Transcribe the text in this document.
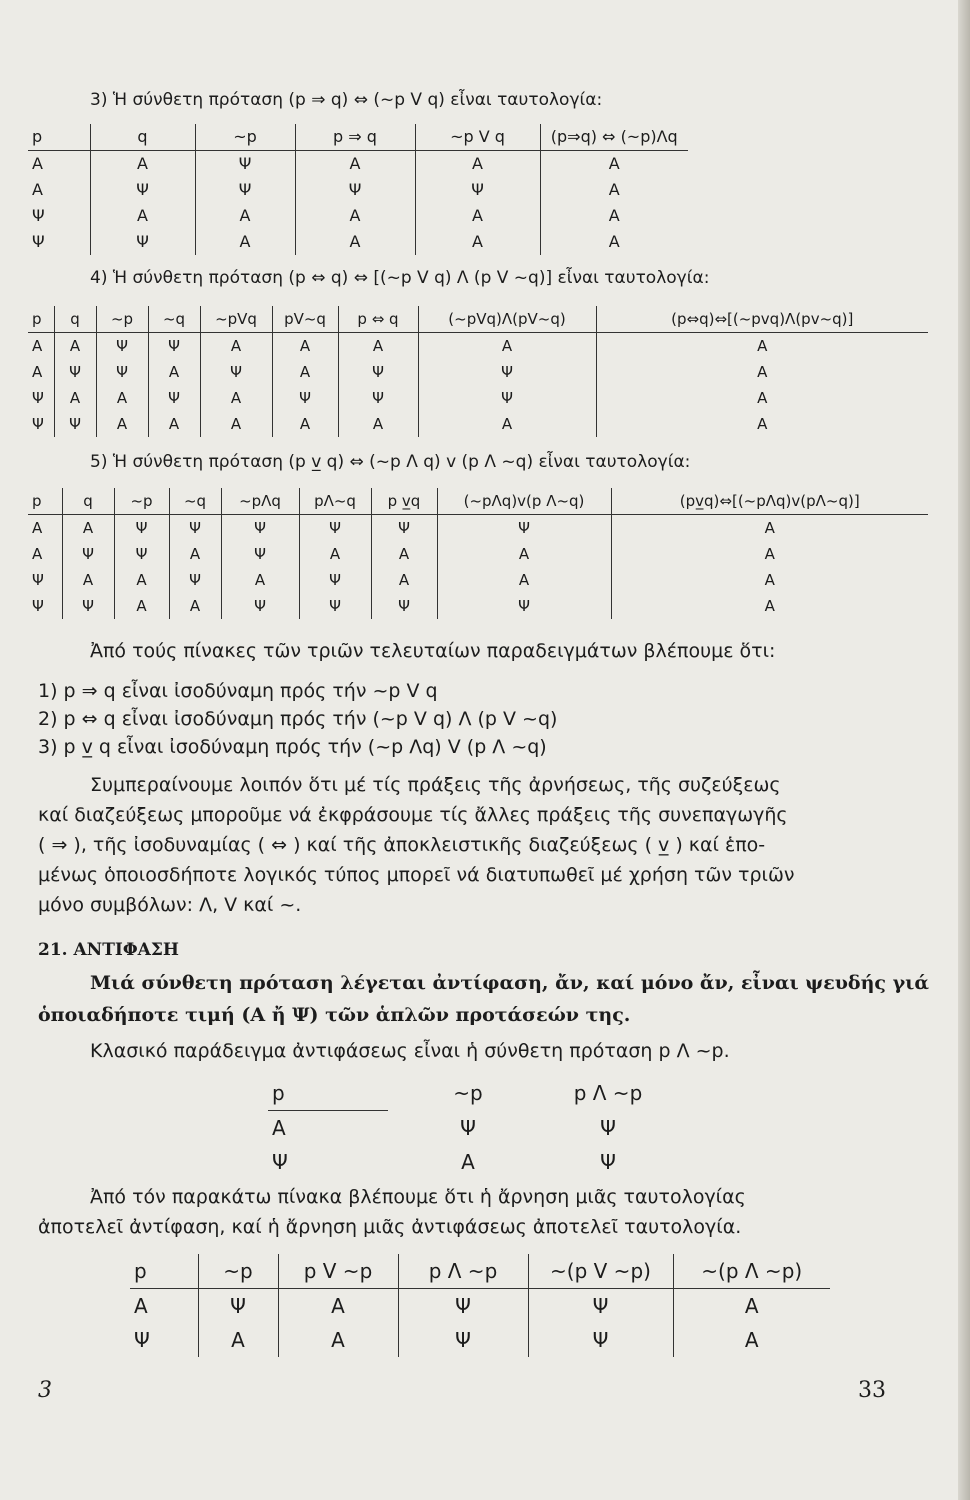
3) Ἡ σύνθετη πρόταση (p ⇒ q) ⇔ (~p V q) εἶναι ταυτολογία:
p	q	~p	p ⇒ q	~p V q	(p⇒q) ⇔ (~p)Λq
Α	Α	Ψ	Α	Α	Α
Α	Ψ	Ψ	Ψ	Ψ	Α
Ψ	Α	Α	Α	Α	Α
Ψ	Ψ	Α	Α	Α	Α
4) Ἡ σύνθετη πρόταση (p ⇔ q) ⇔ [(~p V q) Λ (p V ~q)] εἶναι ταυτολογία:
p	q	~p	~q	~pVq	pV~q	p ⇔ q	(~pVq)Λ(pV~q)	(p⇔q)⇔[(~pvq)Λ(pv~q)]
Α	Α	Ψ	Ψ	Α	Α	Α	Α	Α
Α	Ψ	Ψ	Α	Ψ	Α	Ψ	Ψ	Α
Ψ	Α	Α	Ψ	Α	Ψ	Ψ	Ψ	Α
Ψ	Ψ	Α	Α	Α	Α	Α	Α	Α
5) Ἡ σύνθετη πρόταση (p v̲ q) ⇔ (~p Λ q) v (p Λ ~q) εἶναι ταυτολογία:
p	q	~p	~q	~pΛq	pΛ~q	p v̲q	(~pΛq)v(p Λ~q)	(pv̲q)⇔[(~pΛq)v(pΛ~q)]
Α	Α	Ψ	Ψ	Ψ	Ψ	Ψ	Ψ	Α
Α	Ψ	Ψ	Α	Ψ	Α	Α	Α	Α
Ψ	Α	Α	Ψ	Α	Ψ	Α	Α	Α
Ψ	Ψ	Α	Α	Ψ	Ψ	Ψ	Ψ	Α
Ἀπό τούς πίνακες τῶν τριῶν τελευταίων παραδειγμάτων βλέπουμε ὅτι:
1) p ⇒ q εἶναι ἰσοδύναμη πρός τήν ~p V q
2) p ⇔ q εἶναι ἰσοδύναμη πρός τήν (~p V q) Λ (p V ~q)
3) p v̲ q εἶναι ἰσοδύναμη πρός τήν (~p Λq) V (p Λ ~q)
Συμπεραίνουμε λοιπόν ὅτι μέ τίς πράξεις τῆς ἀρνήσεως, τῆς συζεύξεως
καί διαζεύξεως μποροῦμε νά ἐκφράσουμε τίς ἄλλες πράξεις τῆς συνεπαγωγῆς
( ⇒ ), τῆς ἰσοδυναμίας ( ⇔ ) καί τῆς ἀποκλειστικῆς διαζεύξεως ( v̲ ) καί ἑπο-
μένως ὁποιοσδήποτε λογικός τύπος μπορεῖ νά διατυπωθεῖ μέ χρήση τῶν τριῶν
μόνο συμβόλων: Λ, V καί ~.
21. ΑΝΤΙΦΑΣΗ
Μιά σύνθετη πρόταση λέγεται ἀντίφαση, ἄν, καί μόνο ἄν, εἶναι ψευδής γιά
ὁποιαδήποτε τιμή (Α ἤ Ψ) τῶν ἁπλῶν προτάσεών της.
Κλασικό παράδειγμα ἀντιφάσεως εἶναι ἡ σύνθετη πρόταση p Λ ~p.
p	~p	p Λ ~p
Α	Ψ	Ψ
Ψ	Α	Ψ
Ἀπό τόν παρακάτω πίνακα βλέπουμε ὅτι ἡ ἄρνηση μιᾶς ταυτολογίας
ἀποτελεῖ ἀντίφαση, καί ἡ ἄρνηση μιᾶς ἀντιφάσεως ἀποτελεῖ ταυτολογία.
p	~p	p V ~p	p Λ ~p	~(p V ~p)	~(p Λ ~p)
Α	Ψ	Α	Ψ	Ψ	Α
Ψ	Α	Α	Ψ	Ψ	Α
3	33
